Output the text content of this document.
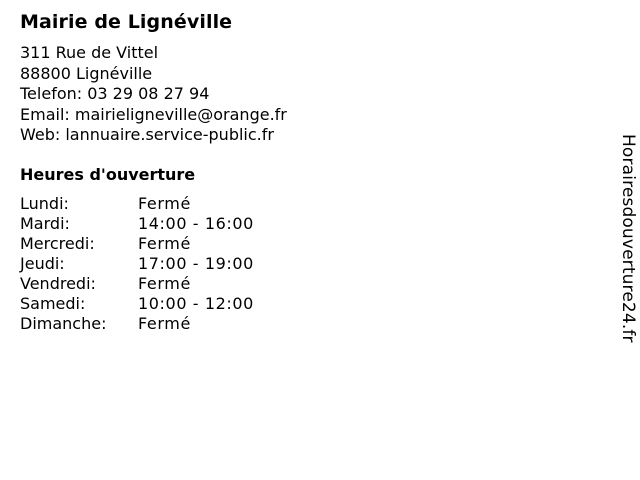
Mairie de Lignéville
311 Rue de Vittel
88800 Lignéville
Telefon: 03 29 08 27 94
Email: mairieligneville@orange.fr
Web: lannuaire.service-public.fr
Heures d'ouverture
Lundi:	Fermé
Mardi:	14:00 - 16:00
Mercredi:	Fermé
Jeudi:	17:00 - 19:00
Vendredi:	Fermé
Samedi:	10:00 - 12:00
Dimanche:	Fermé	Horairesdouverture24.fr
